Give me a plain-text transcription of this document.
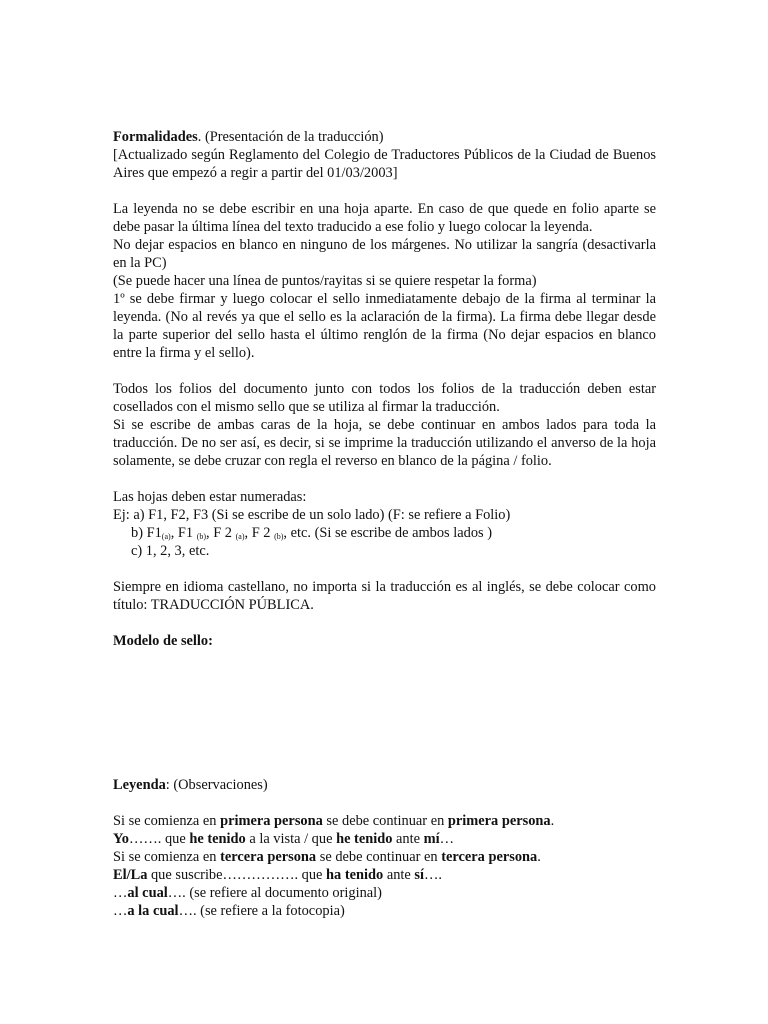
Formalidades. (Presentación de la traducción)

[Actualizado según Reglamento del Colegio de Traductores Públicos de la Ciudad de Buenos Aires que empezó a regir a partir del 01/03/2003]

La leyenda no se debe escribir en una hoja aparte. En caso de que quede en folio aparte se debe pasar la última línea del texto traducido a ese folio y luego colocar la leyenda.

No dejar espacios en blanco en ninguno de los márgenes. No utilizar la sangría (desactivarla en la PC)

(Se puede hacer una línea de puntos/rayitas si se quiere respetar la forma)

1º se debe firmar y luego colocar el sello inmediatamente debajo de la firma al terminar la leyenda. (No al revés ya que el sello es la aclaración de la firma). La firma debe llegar desde la parte superior del sello hasta el último renglón de la firma (No dejar espacios en blanco entre la firma y el sello).

Todos los folios del documento junto con todos los folios de la traducción deben estar cosellados con el mismo sello que se utiliza al firmar la traducción.

Si se escribe de ambas caras de la hoja, se debe continuar en ambos lados para toda la traducción. De no ser así, es decir, si se imprime la traducción utilizando el anverso de la hoja solamente, se debe cruzar con regla el reverso en blanco de la página / folio.

Las hojas deben estar numeradas:

Ej: a) F1, F2, F3 (Si se escribe de un solo lado) (F: se refiere a Folio)

b) $F1_{(a)}$, F1 $_{(b)}$, F 2 $_{(a)}$, F 2 $_{(b)}$, etc. (Si se escribe de ambos lados )

c) 1, 2, 3, etc.

Siempre en idioma castellano, no importa si la traducción es al inglés, se debe colocar como título: TRADUCCIÓN PÚBLICA.

Modelo de sello:

Leyenda: (Observaciones)

Si se comienza en primera persona se debe continuar en primera persona.

Yo……. que he tenido a la vista / que he tenido ante mí…

Si se comienza en tercera persona se debe continuar en tercera persona.

El/La que suscribe……………. que ha tenido ante sí….

…al cual…. (se refiere al documento original)

…a la cual…. (se refiere a la fotocopia)
